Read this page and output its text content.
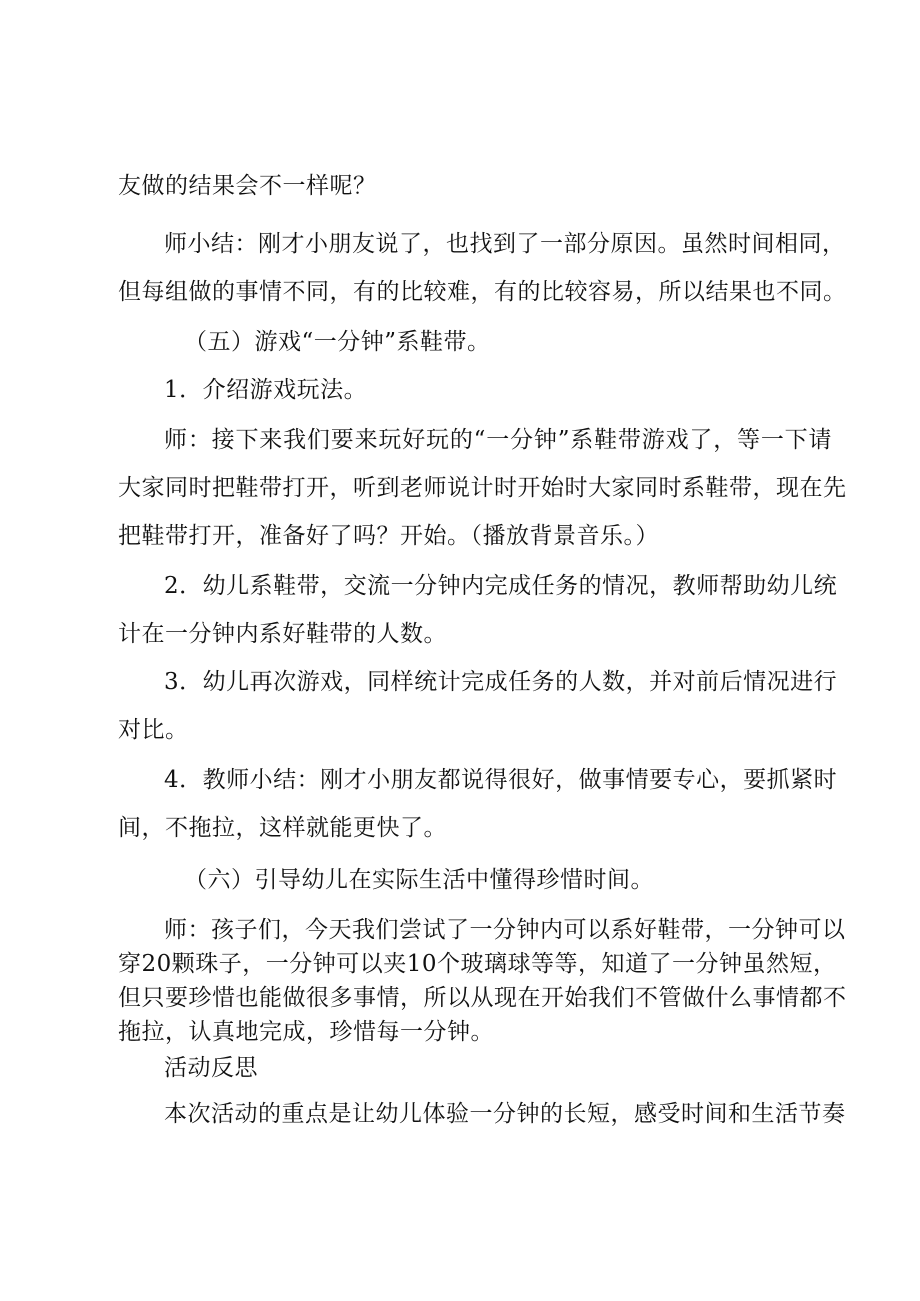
友做的结果会不一样呢？
师小结：刚才小朋友说了，也找到了一部分原因。虽然时间相同，
但每组做的事情不同，有的比较难，有的比较容易，所以结果也不同。
（五）游戏“一分钟”系鞋带。
1．介绍游戏玩法。
师：接下来我们要来玩好玩的“一分钟”系鞋带游戏了，等一下请
大家同时把鞋带打开，听到老师说计时开始时大家同时系鞋带，现在先
把鞋带打开，准备好了吗？开始。（播放背景音乐。）
2．幼儿系鞋带，交流一分钟内完成任务的情况，教师帮助幼儿统
计在一分钟内系好鞋带的人数。
3．幼儿再次游戏，同样统计完成任务的人数，并对前后情况进行
对比。
4．教师小结：刚才小朋友都说得很好，做事情要专心，要抓紧时
间，不拖拉，这样就能更快了。
（六）引导幼儿在实际生活中懂得珍惜时间。
师：孩子们，今天我们尝试了一分钟内可以系好鞋带，一分钟可以
穿20颗珠子，一分钟可以夹10个玻璃球等等，知道了一分钟虽然短，
但只要珍惜也能做很多事情，所以从现在开始我们不管做什么事情都不
拖拉，认真地完成，珍惜每一分钟。
活动反思
本次活动的重点是让幼儿体验一分钟的长短，感受时间和生活节奏
